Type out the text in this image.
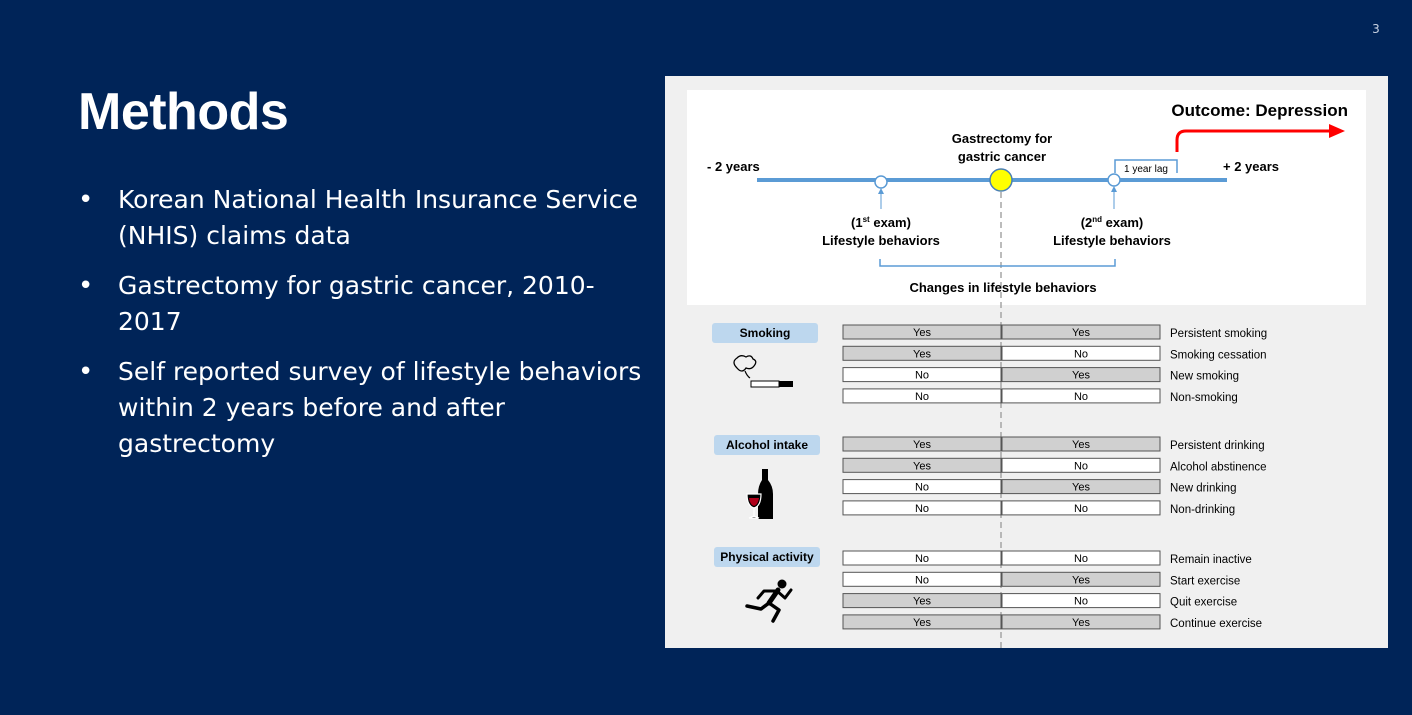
3
Methods
• Korean National Health Insurance Service (NHIS) claims data
• Gastrectomy for gastric cancer, 2010-2017
• Self reported survey of lifestyle behaviors within 2 years before and after gastrectomy
- 2 years	+ 2 years
Gastrectomy for
gastric cancer
1 year lag
Outcome: Depression
(1st exam)
Lifestyle behaviors
(2nd exam)
Lifestyle behaviors
Changes in lifestyle behaviors
Smoking
Alcohol intake
Physical activity
Yes	Yes	Persistent smoking
Yes	No	Smoking cessation
No	Yes	New smoking
No	No	Non-smoking
Yes	Yes	Persistent drinking
Yes	No	Alcohol abstinence
No	Yes	New drinking
No	No	Non-drinking
No	No	Remain inactive
No	Yes	Start exercise
Yes	No	Quit exercise
Yes	Yes	Continue exercise
